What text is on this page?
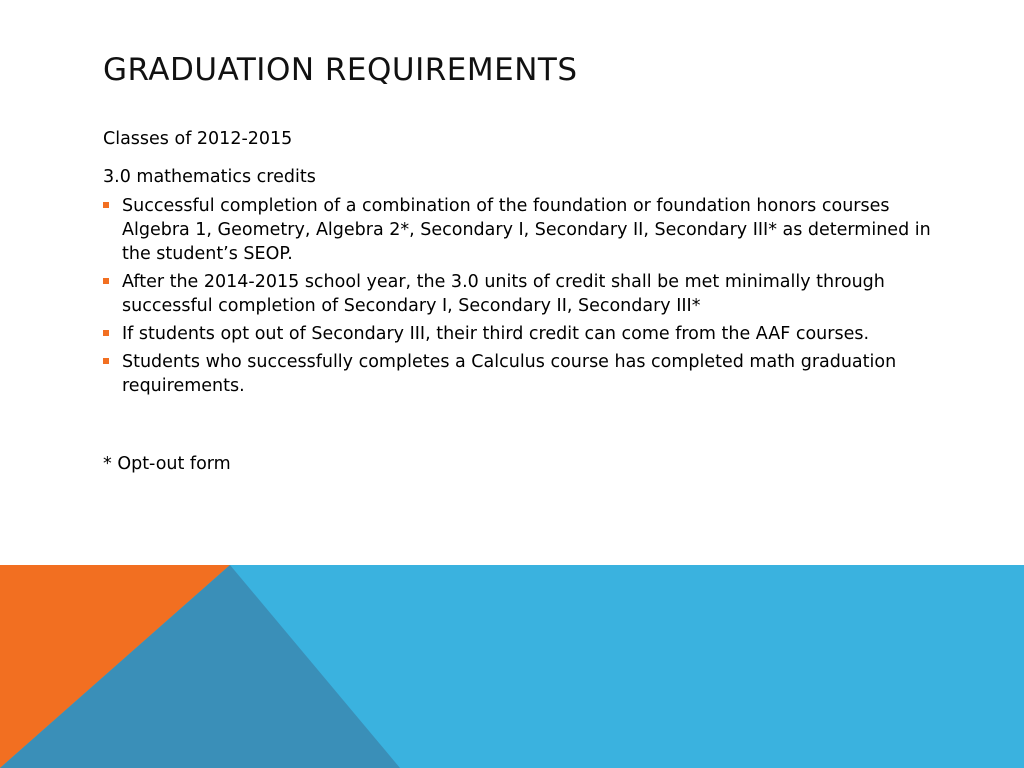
GRADUATION REQUIREMENTS

Classes of 2012-2015

3.0 mathematics credits

Successful completion of a combination of the foundation or foundation honors courses Algebra 1, Geometry, Algebra 2*, Secondary I, Secondary II, Secondary III* as determined in the student’s SEOP.
After the 2014-2015 school year, the 3.0 units of credit shall be met minimally through successful completion of Secondary I, Secondary II, Secondary III*
If students opt out of Secondary III, their third credit can come from the AAF courses.
Students who successfully completes a Calculus course has completed math graduation requirements.

* Opt-out form
